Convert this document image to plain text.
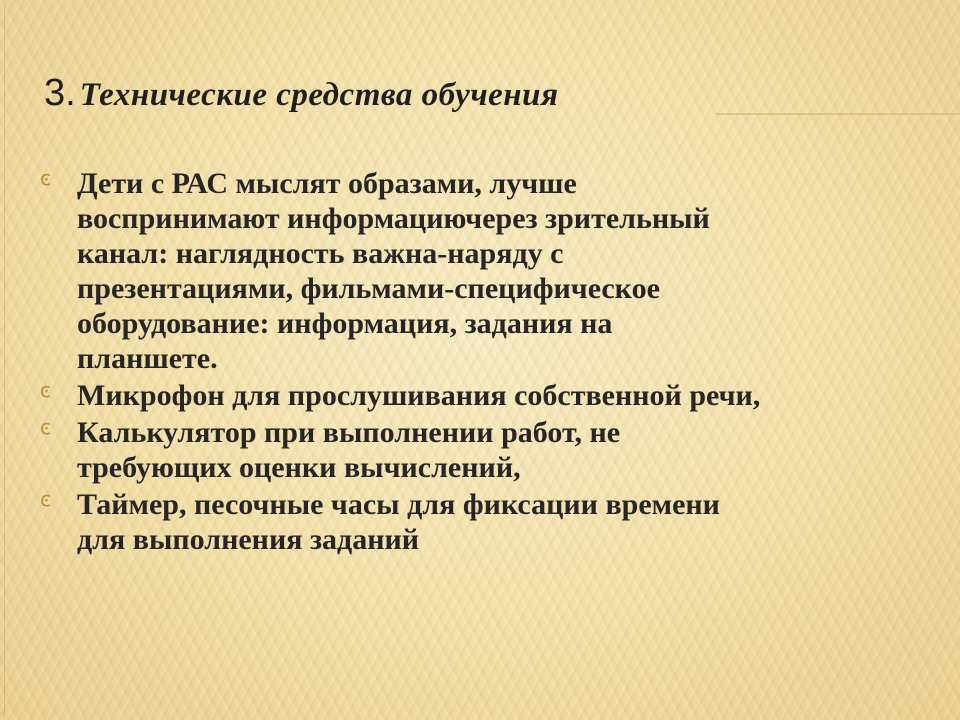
3. Технические средства обучения
ͼ Дети с РАС мыслят образами, лучше
воспринимают информациючерез зрительный
канал: наглядность важна-наряду с
презентациями, фильмами-специфическое
оборудование: информация, задания на
планшете.
ͼ Микрофон для прослушивания собственной речи,
ͼ Калькулятор при выполнении работ, не
требующих оценки вычислений,
ͼ Таймер, песочные часы для фиксации времени
для выполнения заданий
